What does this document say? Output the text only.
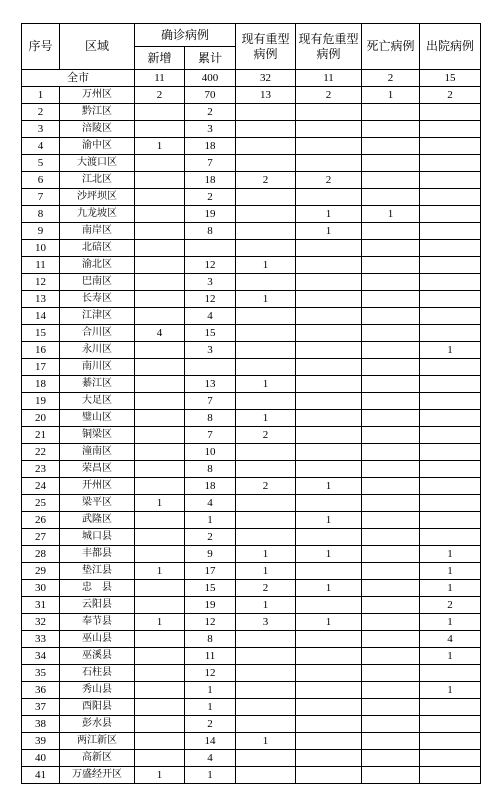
序号	区域	确诊病例		现有重型病例	现有危重型病例	死亡病例	出院病例
		新增	累计				
全市		11	400	32	11	2	15
1	万州区	2	70	13	2	1	2
2	黔江区		2				
3	涪陵区		3				
4	渝中区	1	18				
5	大渡口区		7				
6	江北区		18	2	2		
7	沙坪坝区		2				
8	九龙坡区		19		1	1	
9	南岸区		8		1		
10	北碚区						
11	渝北区		12	1			
12	巴南区		3				
13	长寿区		12	1			
14	江津区		4				
15	合川区	4	15				
16	永川区		3				1
17	南川区						
18	綦江区		13	1			
19	大足区		7				
20	璧山区		8	1			
21	铜梁区		7	2			
22	潼南区		10				
23	荣昌区		8				
24	开州区		18	2	1		
25	梁平区	1	4				
26	武隆区		1		1		
27	城口县		2				
28	丰都县		9	1	1		1
29	垫江县	1	17	1			1
30	忠　县		15	2	1		1
31	云阳县		19	1			2
32	奉节县	1	12	3	1		1
33	巫山县		8				4
34	巫溪县		11				1
35	石柱县		12				
36	秀山县		1				1
37	酉阳县		1				
38	彭水县		2				
39	两江新区		14	1			
40	高新区		4				
41	万盛经开区	1	1				
